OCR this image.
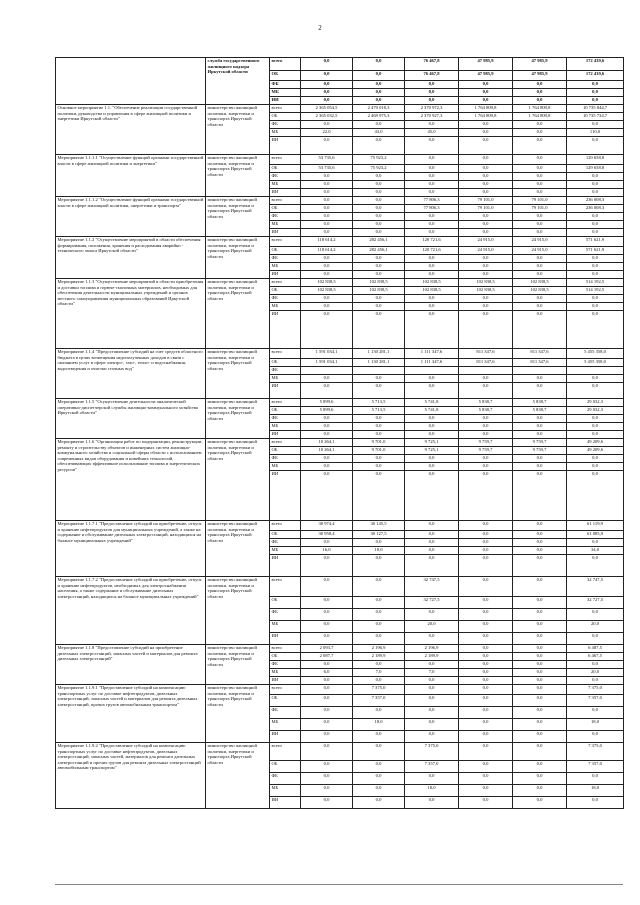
2
	служба государственного жилищного надзора Иркутской области	всего	0,0	0,0	76 467,8	47 985,9	47 985,9	172 439,6
		ОБ	0,0	0,0	76 467,8	47 985,9	47 985,9	172 439,6
		ФБ	0,0	0,0	0,0	0,0	0,0	0,0
		МБ	0,0	0,0	0,0	0,0	0,0	0,0
		ИИ	0,0	0,0	0,0	0,0	0,0	0,0
Основное мероприятие 1.1. "Обеспечение реализации государственной политики, руководства и управления в сфере жилищной политики и энергетики Иркутской области"	министерство жилищной политики, энергетики и транспорта Иркутской области	всего	2 365 054,5	2 470 018,3	2 370 972,3	1 764 809,8	1 764 809,8	10 735 844,7
		ОБ	2 365 032,5	2 469 975,3	2 370 927,3	1 764 809,8	1 764 809,8	10 735 734,7
		ФБ	0,0	0,0	0,0	0,0	0,0	0,0
		МБ	22,0	43,0	45,0	0,0	0,0	110,0
		ИИ	0,0	0,0	0,0	0,0	0,0	0,0
Мероприятие 1.1.1.1 "Осуществление функций органами государственной власти в сфере жилищной политики и энергетики"	министерство жилищной политики, энергетики и транспорта Иркутской области	всего	53 735,6	75 923,2	0,0	0,0	0,0	129 658,8
		ОБ	53 735,6	75 923,2	0,0	0,0	0,0	129 658,8
		ФБ	0,0	0,0	0,0	0,0	0,0	0,0
		МБ	0,0	0,0	0,0	0,0	0,0	0,0
		ИИ	0,0	0,0	0,0	0,0	0,0	0,0
Мероприятие 1.1.1.2 "Осуществление функций органами государственной власти в сфере жилищной политики, энергетики и транспорта"	министерство жилищной политики, энергетики и транспорта Иркутской области	всего	0,0	0,0	77 806,3	79 101,0	79 101,0	236 008,3
		ОБ	0,0	0,0	77 806,3	79 101,0	79 101,0	236 008,3
		ФБ	0,0	0,0	0,0	0,0	0,0	0,0
		МБ	0,0	0,0	0,0	0,0	0,0	0,0
		ИИ	0,0	0,0	0,0	0,0	0,0	0,0
Мероприятие 1.1.2 "Осуществление мероприятий в области обеспечения формирования, положения, хранения и расходования аварийно - технического запаса Иркутской области"	министерство жилищной политики, энергетики и транспорта Иркутской области	всего	118 614,2	282 456,1	120 721,6	24 915,0	24 915,0	571 621,9
		ОБ	118 614,2	282 456,1	120 721,6	24 915,0	24 915,0	571 621,9
		ФБ	0,0	0,0	0,0	0,0	0,0	0,0
		МБ	0,0	0,0	0,0	0,0	0,0	0,0
		ИИ	0,0	0,0	0,0	0,0	0,0	0,0
Мероприятие 1.1.3 "Осуществление мероприятий в области приобретения и доставки топлива и горюче-смазочных материалов, необходимых для обеспечения деятельности муниципальных учреждений и органов местного самоуправления муниципальных образований Иркутской области"	министерство жилищной политики, энергетики и транспорта Иркутской области	всего	102 838,5	102 838,5	102 838,5	102 838,5	102 838,5	514 192,5
		ОБ	102 838,5	102 838,5	102 838,5	102 838,5	102 838,5	514 192,5
		ФБ	0,0	0,0	0,0	0,0	0,0	0,0
		МБ	0,0	0,0	0,0	0,0	0,0	0,0
		ИИ	0,0	0,0	0,0	0,0	0,0	0,0
Мероприятие 1.1.4 "Предоставление субсидий на счет средств областного бюджета в целях возмещения недополученных доходов в связи с оказанием услуг в сфере электро-, газо-, тепло- и водоснабжения, водоотведения и очистки сточных вод"	министерство жилищной политики, энергетики и транспорта Иркутской области	всего	1 591 034,1	1 130 281,1	1 111 347,6	811 347,6	811 347,6	5 455 358,0
		ОБ	1 591 034,1	1 130 281,1	1 111 347,6	811 347,6	811 347,6	5 455 358,0
		ФБ						
		МБ	0,0	0,0	0,0	0,0	0,0	0,0
		ИИ	0,0	0,0	0,0	0,0	0,0	0,0
Мероприятие 1.1.5 "Осуществление деятельности аналитической оперативно-диспетчерской службы жилищно-коммунального хозяйства Иркутской области"	министерство жилищной политики, энергетики и транспорта Иркутской области	всего	5 899,6	5 713,5	5 741,8	5 838,7	5 838,7	29 032,3
		ОБ	5 899,6	5 713,5	5 741,8	5 838,7	5 838,7	29 032,3
		ФБ	0,0	0,0	0,0	0,0	0,0	0,0
		МБ	0,0	0,0	0,0	0,0	0,0	0,0
		ИИ	0,0	0,0	0,0	0,0	0,0	0,0
Мероприятие 1.1.6 "Организация работ по модернизации, реконструкции, ремонту и строительству объектов и инженерных систем жилищно-коммунального хозяйства и социальной сферы области с использованием современных видов оборудования и новейших технологий, обеспечивающих эффективное использование топлива и энергетических ресурсов"	министерство жилищной политики, энергетики и транспорта Иркутской области	всего	10 264,1	9 701,0	9 725,1	9 759,7	9 759,7	49 209,6
		ОБ	10 264,1	9 701,0	9 725,1	9 759,7	9 759,7	49 209,6
		ФБ	0,0	0,0	0,0	0,0	0,0	0,0
		МБ	0,0	0,0	0,0	0,0	0,0	0,0
		ИИ	0,0	0,0	0,0	0,0	0,0	0,0
Мероприятие 1.1.7.1 "Предоставление субсидий на приобретение, отпуск и хранение нефтепродуктов для муниципальных учреждений, а также на содержание и обслуживание дизельных электростанций, находящихся на балансе муниципальных учреждений"	министерство жилищной политики, энергетики и транспорта Иркутской области	всего	30 974,4	30 145,5	0,0	0,0	0,0	61 119,9
		ОБ	30 958,4	30 127,5	0,0	0,0	0,0	61 085,9
		ФБ	0,0	0,0	0,0	0,0	0,0	0,0
		МБ	16,0	18,0	0,0	0,0	0,0	34,0
		ИИ	0,0	0,0	0,0	0,0	0,0	0,0
Мероприятие 1.1.7.2 "Предоставление субсидий на приобретение, отпуск и хранение нефтепродуктов, необходимых для электроснабжения населения, а также содержание и обслуживание дизельных электростанций, находящихся на балансе муниципальных учреждений"	министерство жилищной политики, энергетики и транспорта Иркутской области	всего	0,0	0,0	32 747,5	0,0	0,0	32 747,5
		ОБ	0,0	0,0	32 727,5	0,0	0,0	32 727,5
		ФБ	0,0	0,0	0,0	0,0	0,0	0,0
		МБ	0,0	0,0	20,0	0,0	0,0	20,0
		ИИ	0,0	0,0	0,0	0,0	0,0	0,0
Мероприятие 1.1.8 "Предоставление субсидий на приобретение дизельных электростанций, запасных частей и материалов для ремонта дизельных электростанций"	министерство жилищной политики, энергетики и транспорта Иркутской области	всего	2 093,7	2 196,9	2 196,9	0,0	0,0	6 487,5
		ОБ	2 087,7	2 189,9	2 189,9	0,0	0,0	6 467,5
		ФБ	0,0	0,0	0,0	0,0	0,0	0,0
		МБ	6,0	7,0	7,0	0,0	0,0	20,0
		ИИ	0,0	0,0	0,0	0,0	0,0	0,0
Мероприятие 1.1.9.1 "Предоставление субсидий на компенсацию транспортных услуг по доставке нефтепродуктов, дизельных электростанций, запасных частей и материалов для ремонта дизельных электростанций, прочих грузов автомобильным транспортом"	министерство жилищной политики, энергетики и транспорта Иркутской области	всего	0,0	7 375,0	0,0	0,0	0,0	7 375,0
		ОБ	0,0	7 357,0	0,0	0,0	0,0	7 357,0
		ФБ	0,0	0,0	0,0	0,0	0,0	0,0
		МБ	0,0	18,0	0,0	0,0	0,0	18,0
		ИИ	0,0	0,0	0,0	0,0	0,0	0,0
Мероприятие 1.1.9.2 "Предоставление субсидий на компенсацию транспортных услуг по доставке нефтепродуктов, дизельных электростанций, запасных частей, материалов для ремонта дизельных электростанций и прочих грузов для ремонта дизельных электростанций автомобильным транспортом"	министерство жилищной политики, энергетики и транспорта Иркутской области	всего	0,0	0,0	7 375,0	0,0	0,0	7 375,0
		ОБ	0,0	0,0	7 357,0	0,0	0,0	7 357,0
		ФБ	0,0	0,0	0,0	0,0	0,0	0,0
		МБ	0,0	0,0	18,0	0,0	0,0	18,0
		ИИ	0,0	0,0	0,0	0,0	0,0	0,0
